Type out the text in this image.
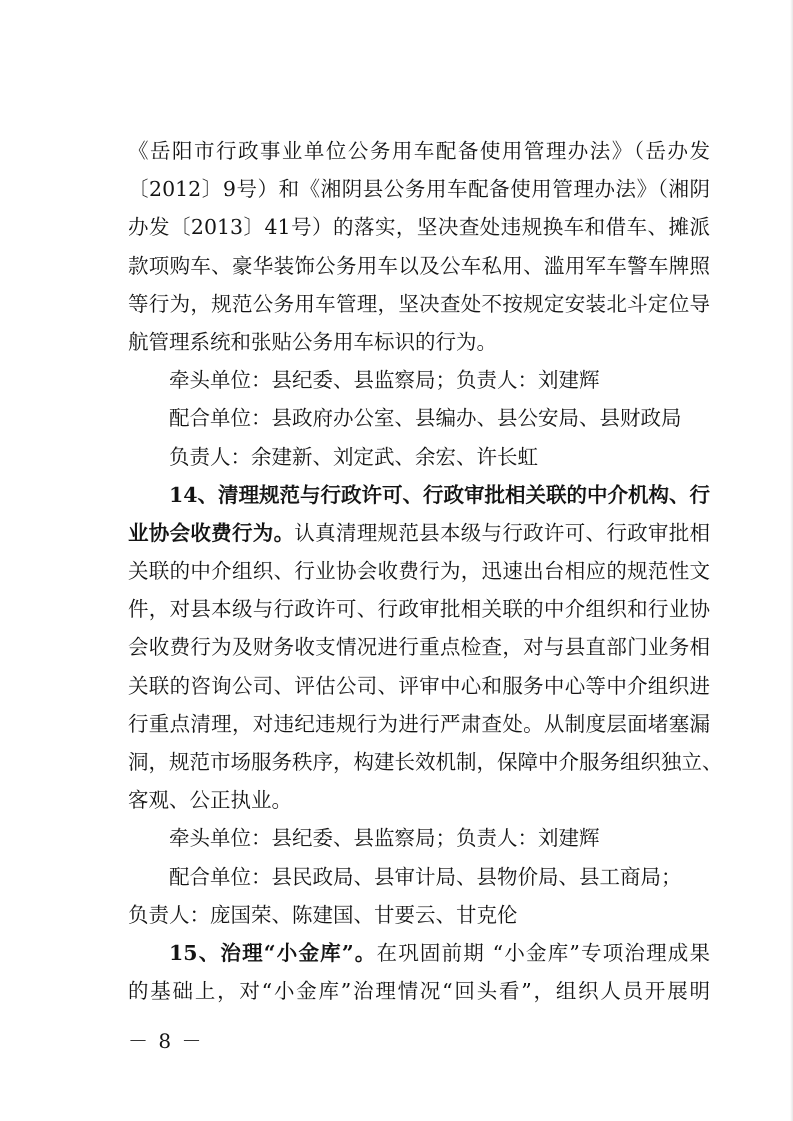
《岳阳市行政事业单位公务用车配备使用管理办法》（岳办发
〔2012〕9号）和《湘阴县公务用车配备使用管理办法》（湘阴
办发〔2013〕41号）的落实，坚决查处违规换车和借车、摊派
款项购车、豪华装饰公务用车以及公车私用、滥用军车警车牌照
等行为，规范公务用车管理，坚决查处不按规定安装北斗定位导
航管理系统和张贴公务用车标识的行为。
牵头单位：县纪委、县监察局；负责人：刘建辉
配合单位：县政府办公室、县编办、县公安局、县财政局
负责人：余建新、刘定武、余宏、许长虹
14、清理规范与行政许可、行政审批相关联的中介机构、行
业协会收费行为。认真清理规范县本级与行政许可、行政审批相
关联的中介组织、行业协会收费行为，迅速出台相应的规范性文
件，对县本级与行政许可、行政审批相关联的中介组织和行业协
会收费行为及财务收支情况进行重点检查，对与县直部门业务相
关联的咨询公司、评估公司、评审中心和服务中心等中介组织进
行重点清理，对违纪违规行为进行严肃查处。从制度层面堵塞漏
洞，规范市场服务秩序，构建长效机制，保障中介服务组织独立、
客观、公正执业。
牵头单位：县纪委、县监察局；负责人：刘建辉
配合单位：县民政局、县审计局、县物价局、县工商局；
负责人：庞国荣、陈建国、甘要云、甘克伦
15、治理“小金库”。在巩固前期 “小金库”专项治理成果
的基础上，对“小金库”治理情况“回头看”，组织人员开展明
－ 8 －
